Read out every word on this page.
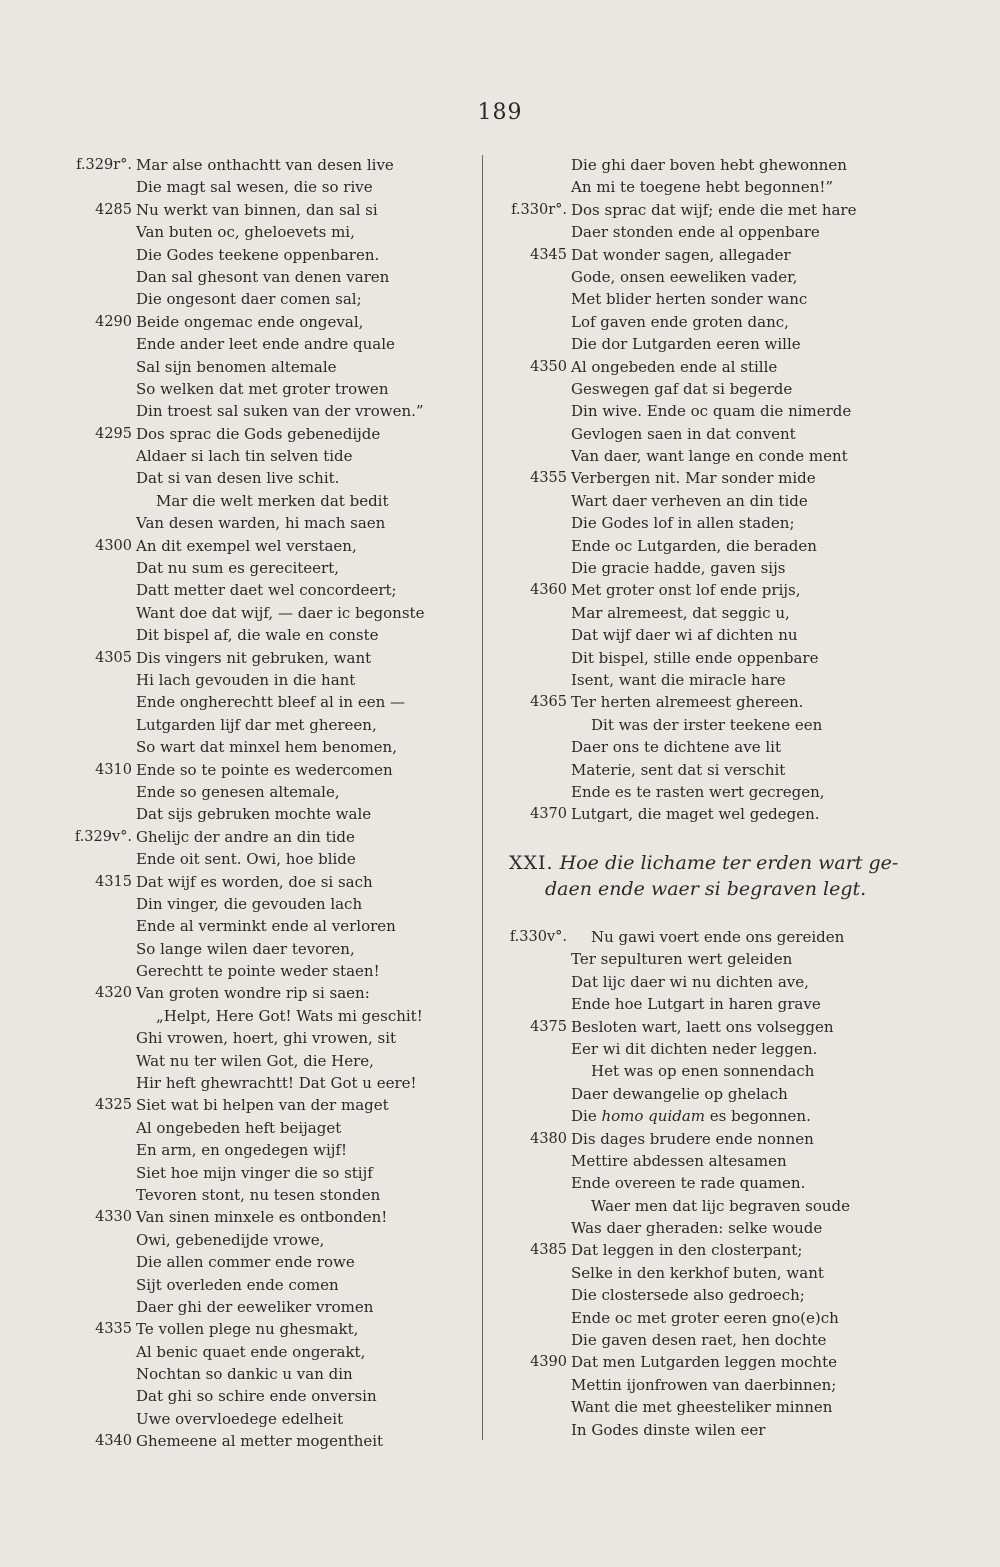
189
f.329r°. Mar alse onthachtt van desen live
Die magt sal wesen, die so rive
4285 Nu werkt van binnen, dan sal si
Van buten oc, gheloevets mi,
Die Godes teekene oppenbaren.
Dan sal ghesont van denen varen
Die ongesont daer comen sal;
4290 Beide ongemac ende ongeval,
Ende ander leet ende andre quale
Sal sijn benomen altemale
So welken dat met groter trowen
Din troest sal suken van der vrowen.”
4295 Dos sprac die Gods gebenedijde
Aldaer si lach tin selven tide
Dat si van desen live schit.
Mar die welt merken dat bedit
Van desen warden, hi mach saen
4300 An dit exempel wel verstaen,
Dat nu sum es gereciteert,
Datt metter daet wel concordeert;
Want doe dat wijf, — daer ic begonste
Dit bispel af, die wale en conste
4305 Dis vingers nit gebruken, want
Hi lach gevouden in die hant
Ende ongherechtt bleef al in een —
Lutgarden lijf dar met ghereen,
So wart dat minxel hem benomen,
4310 Ende so te pointe es wedercomen
Ende so genesen altemale,
Dat sijs gebruken mochte wale
f.329v°. Ghelijc der andre an din tide
Ende oit sent. Owi, hoe blide
4315 Dat wijf es worden, doe si sach
Din vinger, die gevouden lach
Ende al verminkt ende al verloren
So lange wilen daer tevoren,
Gerechtt te pointe weder staen!
4320 Van groten wondre rip si saen:
„Helpt, Here Got! Wats mi geschit!
Ghi vrowen, hoert, ghi vrowen, sit
Wat nu ter wilen Got, die Here,
Hir heft ghewrachtt! Dat Got u eere!
4325 Siet wat bi helpen van der maget
Al ongebeden heft beijaget
En arm, en ongedegen wijf!
Siet hoe mijn vinger die so stijf
Tevoren stont, nu tesen stonden
4330 Van sinen minxele es ontbonden!
Owi, gebenedijde vrowe,
Die allen commer ende rowe
Sijt overleden ende comen
Daer ghi der eeweliker vromen
4335 Te vollen plege nu ghesmakt,
Al benic quaet ende ongerakt,
Nochtan so dankic u van din
Dat ghi so schire ende onversin
Uwe overvloedege edelheit
4340 Ghemeene al metter mogentheit
Die ghi daer boven hebt ghewonnen
An mi te toegene hebt begonnen!”
f.330r°. Dos sprac dat wijf; ende die met hare
Daer stonden ende al oppenbare
4345 Dat wonder sagen, allegader
Gode, onsen eeweliken vader,
Met blider herten sonder wanc
Lof gaven ende groten danc,
Die dor Lutgarden eeren wille
4350 Al ongebeden ende al stille
Geswegen gaf dat si begerde
Din wive. Ende oc quam die nimerde
Gevlogen saen in dat convent
Van daer, want lange en conde ment
4355 Verbergen nit. Mar sonder mide
Wart daer verheven an din tide
Die Godes lof in allen staden;
Ende oc Lutgarden, die beraden
Die gracie hadde, gaven sijs
4360 Met groter onst lof ende prijs,
Mar alremeest, dat seggic u,
Dat wijf daer wi af dichten nu
Dit bispel, stille ende oppenbare
Isent, want die miracle hare
4365 Ter herten alremeest ghereen.
Dit was der irster teekene een
Daer ons te dichtene ave lit
Materie, sent dat si verschit
Ende es te rasten wert gecregen,
4370 Lutgart, die maget wel gedegen.
XXI. Hoe die lichame ter erden wart ge-
daen ende waer si begraven legt.
f.330v°. Nu gawi voert ende ons gereiden
Ter sepulturen wert geleiden
Dat lijc daer wi nu dichten ave,
Ende hoe Lutgart in haren grave
4375 Besloten wart, laett ons volseggen
Eer wi dit dichten neder leggen.
Het was op enen sonnendach
Daer dewangelie op ghelach
Die homo quidam es begonnen.
4380 Dis dages brudere ende nonnen
Mettire abdessen altesamen
Ende overeen te rade quamen.
Waer men dat lijc begraven soude
Was daer gheraden: selke woude
4385 Dat leggen in den closterpant;
Selke in den kerkhof buten, want
Die clostersede also gedroech;
Ende oc met groter eeren gno(e)ch
Die gaven desen raet, hen dochte
4390 Dat men Lutgarden leggen mochte
Mettin ijonfrowen van daerbinnen;
Want die met gheesteliker minnen
In Godes dinste wilen eer
